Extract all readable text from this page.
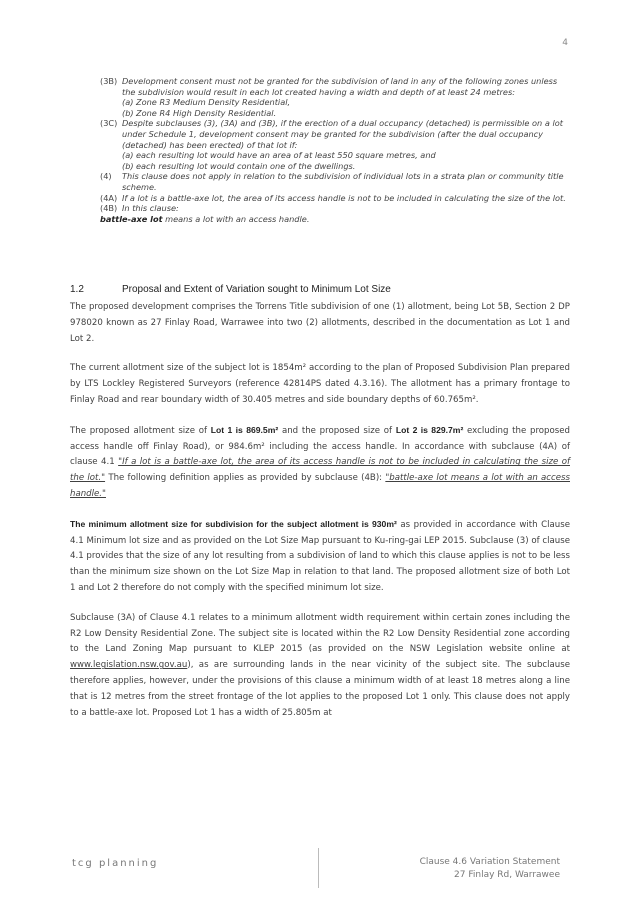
4
(3B) Development consent must not be granted for the subdivision of land in any of the following zones unless the subdivision would result in each lot created having a width and depth of at least 24 metres:
(a) Zone R3 Medium Density Residential,
(b) Zone R4 High Density Residential.
(3C) Despite subclauses (3), (3A) and (3B), if the erection of a dual occupancy (detached) is permissible on a lot under Schedule 1, development consent may be granted for the subdivision (after the dual occupancy (detached) has been erected) of that lot if:
(a) each resulting lot would have an area of at least 550 square metres, and
(b) each resulting lot would contain one of the dwellings.
(4)	This clause does not apply in relation to the subdivision of individual lots in a strata plan or community title scheme.
(4A) If a lot is a battle-axe lot, the area of its access handle is not to be included in calculating the size of the lot.
(4B) In this clause:
battle-axe lot means a lot with an access handle.
1.2	Proposal and Extent of Variation sought to Minimum Lot Size

The proposed development comprises the Torrens Title subdivision of one (1) allotment, being Lot 5B, Section 2 DP 978020 known as 27 Finlay Road, Warrawee into two (2) allotments, described in the documentation as Lot 1 and Lot 2.

The current allotment size of the subject lot is 1854m² according to the plan of Proposed Subdivision Plan prepared by LTS Lockley Registered Surveyors (reference 42814PS dated 4.3.16). The allotment has a primary frontage to Finlay Road and rear boundary width of 30.405 metres and side boundary depths of 60.765m².

The proposed allotment size of Lot 1 is 869.5m² and the proposed size of Lot 2 is 829.7m² excluding the proposed access handle off Finlay Road), or 984.6m² including the access handle. In accordance with subclause (4A) of clause 4.1 "If a lot is a battle-axe lot, the area of its access handle is not to be included in calculating the size of the lot." The following definition applies as provided by subclause (4B): "battle-axe lot means a lot with an access handle."

The minimum allotment size for subdivision for the subject allotment is 930m² as provided in accordance with Clause 4.1 Minimum lot size and as provided on the Lot Size Map pursuant to Ku-ring-gai LEP 2015. Subclause (3) of clause 4.1 provides that the size of any lot resulting from a subdivision of land to which this clause applies is not to be less than the minimum size shown on the Lot Size Map in relation to that land. The proposed allotment size of both Lot 1 and Lot 2 therefore do not comply with the specified minimum lot size.

Subclause (3A) of Clause 4.1 relates to a minimum allotment width requirement within certain zones including the R2 Low Density Residential Zone. The subject site is located within the R2 Low Density Residential zone according to the Land Zoning Map pursuant to KLEP 2015 (as provided on the NSW Legislation website online at www.legislation.nsw.gov.au), as are surrounding lands in the near vicinity of the subject site. The subclause therefore applies, however, under the provisions of this clause a minimum width of at least 18 metres along a line that is 12 metres from the street frontage of the lot applies to the proposed Lot 1 only. This clause does not apply to a battle-axe lot. Proposed Lot 1 has a width of 25.805m at

tcg planning	Clause 4.6 Variation Statement
27 Finlay Rd, Warrawee
